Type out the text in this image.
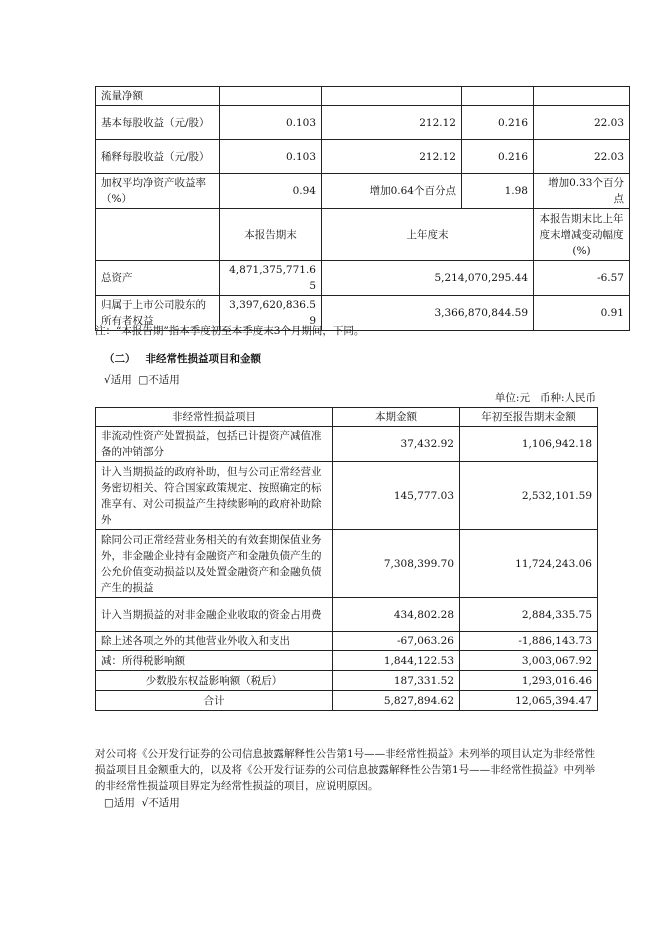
流量净额				
基本每股收益（元/股）	0.103	212.12	0.216	22.03
稀释每股收益（元/股）	0.103	212.12	0.216	22.03
加权平均净资产收益率（%）	0.94	增加0.64个百分点	1.98	增加0.33个百分点
	本报告期末	上年度末		本报告期末比上年度末增减变动幅度(%)
总资产	4,871,375,771.65	5,214,070,295.44		-6.57
归属于上市公司股东的所有者权益	3,397,620,836.59	3,366,870,844.59		0.91

注：“本报告期”指本季度初至本季度末3个月期间，下同。

（二） 非经常性损益项目和金额

√适用 □不适用

单位:元   币种:人民币

非经常性损益项目	本期金额	年初至报告期末金额
非流动性资产处置损益，包括已计提资产减值准备的冲销部分	37,432.92	1,106,942.18
计入当期损益的政府补助，但与公司正常经营业务密切相关、符合国家政策规定、按照确定的标准享有、对公司损益产生持续影响的政府补助除外	145,777.03	2,532,101.59
除同公司正常经营业务相关的有效套期保值业务外，非金融企业持有金融资产和金融负债产生的公允价值变动损益以及处置金融资产和金融负债产生的损益	7,308,399.70	11,724,243.06
计入当期损益的对非金融企业收取的资金占用费	434,802.28	2,884,335.75
除上述各项之外的其他营业外收入和支出	-67,063.26	-1,886,143.73
减：所得税影响额	1,844,122.53	3,003,067.92
少数股东权益影响额（税后）	187,331.52	1,293,016.46
合计	5,827,894.62	12,065,394.47

对公司将《公开发行证券的公司信息披露解释性公告第1号——非经常性损益》未列举的项目认定为非经常性损益项目且金额重大的，以及将《公开发行证券的公司信息披露解释性公告第1号——非经常性损益》中列举的非经常性损益项目界定为经常性损益的项目，应说明原因。

□适用 √不适用
